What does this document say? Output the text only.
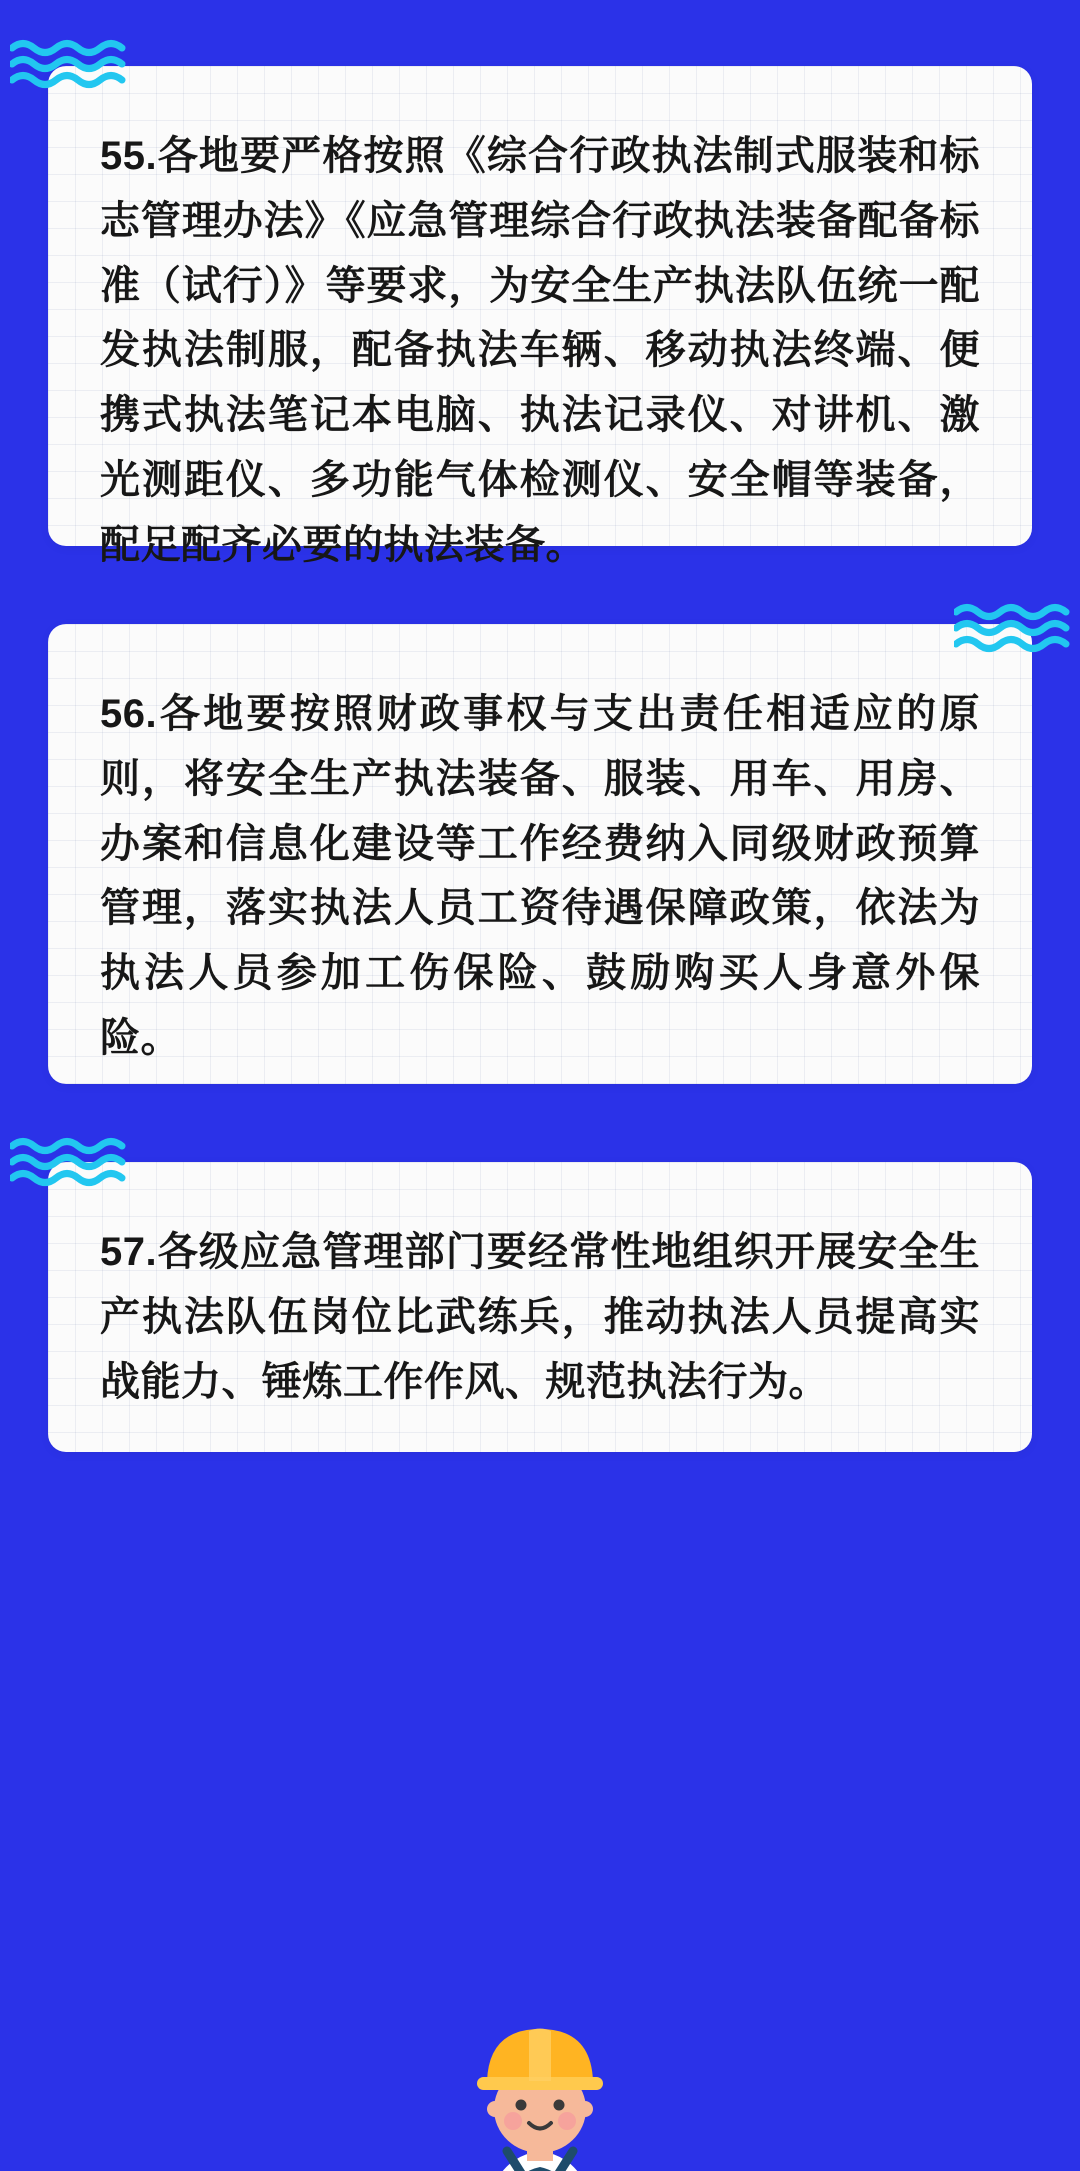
55.各地要严格按照《综合行政执法制式服装和标志管理办法》《应急管理综合行政执法装备配备标准（试行）》等要求，为安全生产执法队伍统一配发执法制服，配备执法车辆、移动执法终端、便携式执法笔记本电脑、执法记录仪、对讲机、激光测距仪、多功能气体检测仪、安全帽等装备，配足配齐必要的执法装备。

56.各地要按照财政事权与支出责任相适应的原则，将安全生产执法装备、服装、用车、用房、办案和信息化建设等工作经费纳入同级财政预算管理，落实执法人员工资待遇保障政策，依法为执法人员参加工伤保险、鼓励购买人身意外保险。

57.各级应急管理部门要经常性地组织开展安全生产执法队伍岗位比武练兵，推动执法人员提高实战能力、锤炼工作作风、规范执法行为。
